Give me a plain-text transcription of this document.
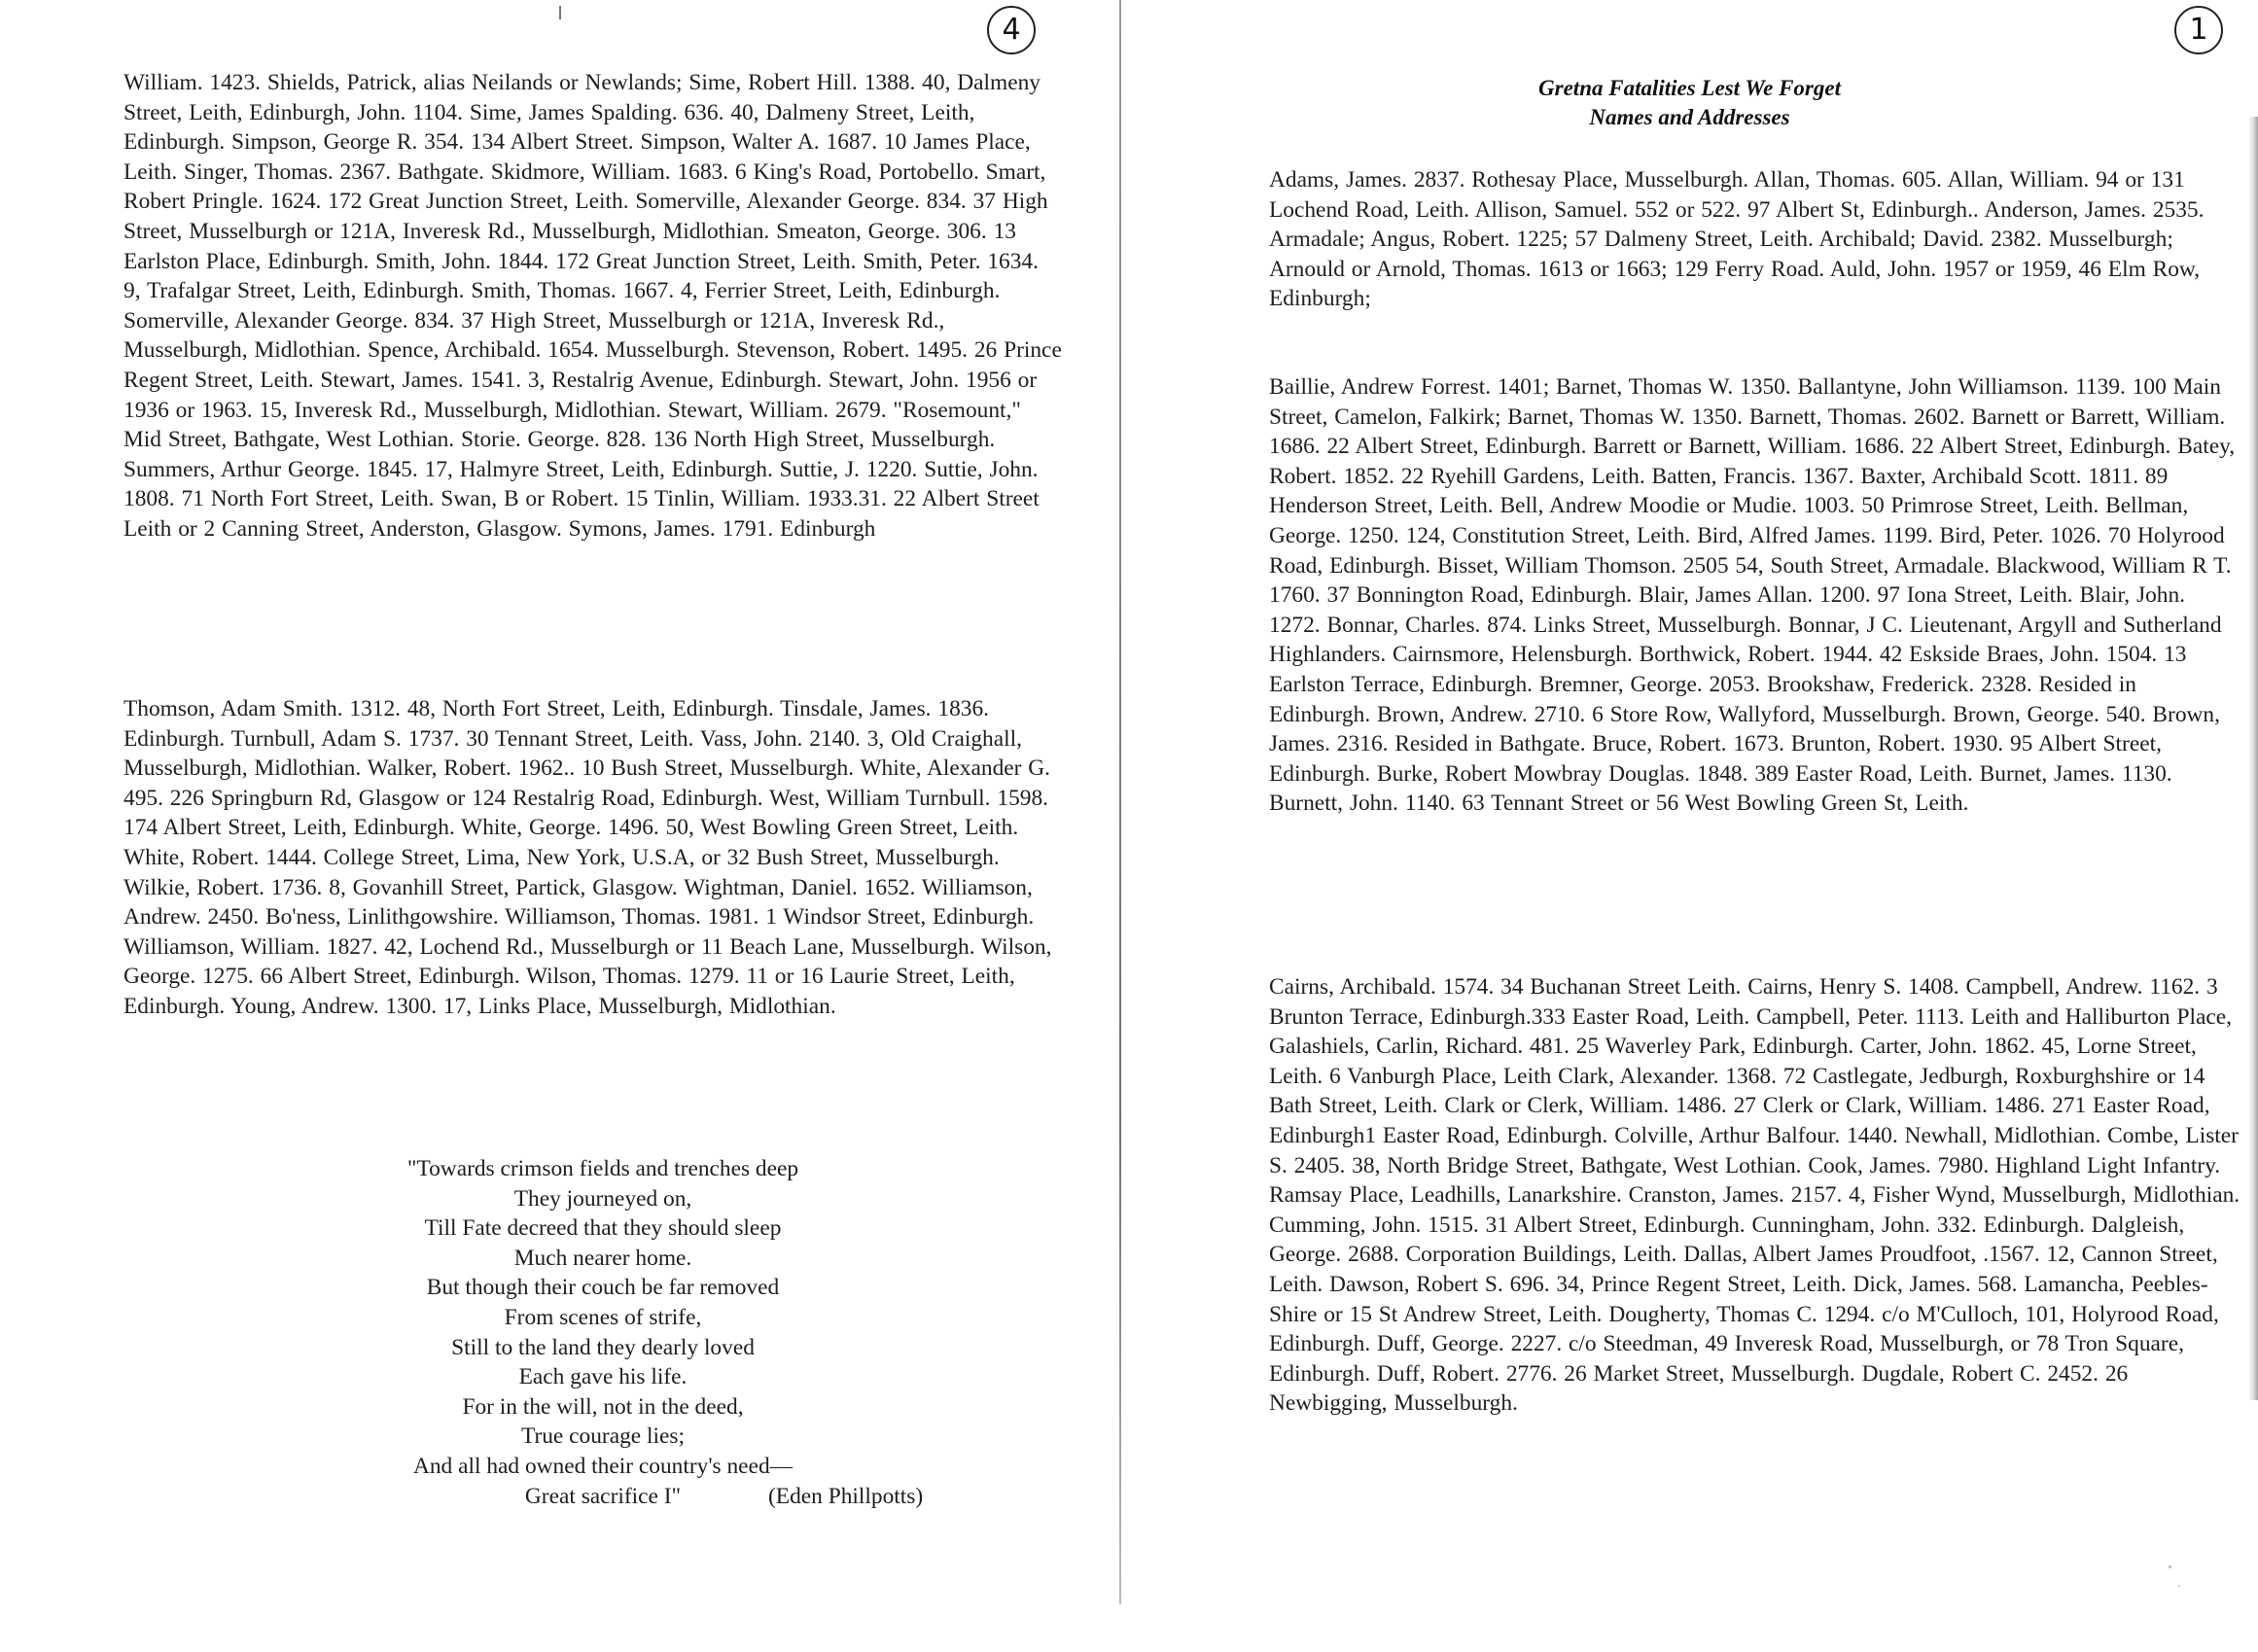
4

William. 1423. Shields, Patrick, alias Neilands or Newlands; Sime, Robert Hill. 1388. 40, Dalmeny Street, Leith, Edinburgh, John. 1104. Sime, James Spalding. 636. 40, Dalmeny Street, Leith, Edinburgh. Simpson, George R. 354. 134 Albert Street. Simpson, Walter A. 1687. 10 James Place, Leith. Singer, Thomas. 2367. Bathgate. Skidmore, William. 1683. 6 King's Road, Portobello. Smart, Robert Pringle. 1624. 172 Great Junction Street, Leith. Somerville, Alexander George. 834. 37 High Street, Musselburgh or 121A, Inveresk Rd., Musselburgh, Midlothian. Smeaton, George. 306. 13 Earlston Place, Edinburgh. Smith, John. 1844. 172 Great Junction Street, Leith. Smith, Peter. 1634. 9, Trafalgar Street, Leith, Edinburgh. Smith, Thomas. 1667. 4, Ferrier Street, Leith, Edinburgh. Somerville, Alexander George. 834. 37 High Street, Musselburgh or 121A, Inveresk Rd., Musselburgh, Midlothian. Spence, Archibald. 1654. Musselburgh. Stevenson, Robert. 1495. 26 Prince Regent Street, Leith. Stewart, James. 1541. 3, Restalrig Avenue, Edinburgh. Stewart, John. 1956 or 1936 or 1963. 15, Inveresk Rd., Musselburgh, Midlothian. Stewart, William. 2679. "Rosemount," Mid Street, Bathgate, West Lothian. Storie. George. 828. 136 North High Street, Musselburgh. Summers, Arthur George. 1845. 17, Halmyre Street, Leith, Edinburgh. Suttie, J. 1220. Suttie, John. 1808. 71 North Fort Street, Leith. Swan, B or Robert. 15 Tinlin, William. 1933.31. 22 Albert Street Leith or 2 Canning Street, Anderston, Glasgow. Symons, James. 1791. Edinburgh

Thomson, Adam Smith. 1312. 48, North Fort Street, Leith, Edinburgh. Tinsdale, James. 1836. Edinburgh. Turnbull, Adam S. 1737. 30 Tennant Street, Leith. Vass, John. 2140. 3, Old Craighall, Musselburgh, Midlothian. Walker, Robert. 1962.. 10 Bush Street, Musselburgh. White, Alexander G. 495. 226 Springburn Rd, Glasgow or 124 Restalrig Road, Edinburgh. West, William Turnbull. 1598. 174 Albert Street, Leith, Edinburgh. White, George. 1496. 50, West Bowling Green Street, Leith. White, Robert. 1444. College Street, Lima, New York, U.S.A, or 32 Bush Street, Musselburgh. Wilkie, Robert. 1736. 8, Govanhill Street, Partick, Glasgow. Wightman, Daniel. 1652. Williamson, Andrew. 2450. Bo'ness, Linlithgowshire. Williamson, Thomas. 1981. 1 Windsor Street, Edinburgh. Williamson, William. 1827. 42, Lochend Rd., Musselburgh or 11 Beach Lane, Musselburgh. Wilson, George. 1275. 66 Albert Street, Edinburgh. Wilson, Thomas. 1279. 11 or 16 Laurie Street, Leith, Edinburgh. Young, Andrew. 1300. 17, Links Place, Musselburgh, Midlothian.

"Towards crimson fields and trenches deep
They journeyed on,
Till Fate decreed that they should sleep
Much nearer home.
But though their couch be far removed
From scenes of strife,
Still to the land they dearly loved
Each gave his life.
For in the will, not in the deed,
True courage lies;
And all had owned their country's need—
Great sacrifice I"	(Eden Phillpotts)
1

Adams, James. 2837. Rothesay Place, Musselburgh. Allan, Thomas. 605. Allan, William. 94 or 131 Lochend Road, Leith. Allison, Samuel. 552 or 522. 97 Albert St, Edinburgh.. Anderson, James. 2535. Armadale; Angus, Robert. 1225; 57 Dalmeny Street, Leith. Archibald; David. 2382. Musselburgh; Arnould or Arnold, Thomas. 1613 or 1663; 129 Ferry Road. Auld, John. 1957 or 1959, 46 Elm Row, Edinburgh;

Baillie, Andrew Forrest. 1401; Barnet, Thomas W. 1350. Ballantyne, John Williamson. 1139. 100 Main Street, Camelon, Falkirk; Barnet, Thomas W. 1350. Barnett, Thomas. 2602. Barnett or Barrett, William. 1686. 22 Albert Street, Edinburgh. Barrett or Barnett, William. 1686. 22 Albert Street, Edinburgh. Batey, Robert. 1852. 22 Ryehill Gardens, Leith. Batten, Francis. 1367. Baxter, Archibald Scott. 1811. 89 Henderson Street, Leith. Bell, Andrew Moodie or Mudie. 1003. 50 Primrose Street, Leith. Bellman, George. 1250. 124, Constitution Street, Leith. Bird, Alfred James. 1199. Bird, Peter. 1026. 70 Holyrood Road, Edinburgh. Bisset, William Thomson. 2505 54, South Street, Armadale. Blackwood, William R T. 1760. 37 Bonnington Road, Edinburgh. Blair, James Allan. 1200. 97 Iona Street, Leith. Blair, John. 1272. Bonnar, Charles. 874. Links Street, Musselburgh. Bonnar, J C. Lieutenant, Argyll and Sutherland Highlanders. Cairnsmore, Helensburgh. Borthwick, Robert. 1944. 42 Eskside Braes, John. 1504. 13 Earlston Terrace, Edinburgh. Bremner, George. 2053. Brookshaw, Frederick. 2328. Resided in Edinburgh. Brown, Andrew. 2710. 6 Store Row, Wallyford, Musselburgh. Brown, George. 540. Brown, James. 2316. Resided in Bathgate. Bruce, Robert. 1673. Brunton, Robert. 1930. 95 Albert Street, Edinburgh. Burke, Robert Mowbray Douglas. 1848. 389 Easter Road, Leith. Burnet, James. 1130. Burnett, John. 1140. 63 Tennant Street or 56 West Bowling Green St, Leith.

Cairns, Archibald. 1574. 34 Buchanan Street Leith. Cairns, Henry S. 1408. Campbell, Andrew. 1162. 3 Brunton Terrace, Edinburgh.333 Easter Road, Leith. Campbell, Peter. 1113. Leith and Halliburton Place, Galashiels, Carlin, Richard. 481. 25 Waverley Park, Edinburgh. Carter, John. 1862. 45, Lorne Street, Leith. 6 Vanburgh Place, Leith Clark, Alexander. 1368. 72 Castlegate, Jedburgh, Roxburghshire or 14 Bath Street, Leith. Clark or Clerk, William. 1486. 27 Clerk or Clark, William. 1486. 271 Easter Road, Edinburgh1 Easter Road, Edinburgh. Colville, Arthur Balfour. 1440. Newhall, Midlothian. Combe, Lister S. 2405. 38, North Bridge Street, Bathgate, West Lothian. Cook, James. 7980. Highland Light Infantry. Ramsay Place, Leadhills, Lanarkshire. Cranston, James. 2157. 4, Fisher Wynd, Musselburgh, Midlothian. Cumming, John. 1515. 31 Albert Street, Edinburgh. Cunningham, John. 332. Edinburgh. Dalgleish, George. 2688. Corporation Buildings, Leith. Dallas, Albert James Proudfoot, .1567. 12, Cannon Street, Leith. Dawson, Robert S. 696. 34, Prince Regent Street, Leith. Dick, James. 568. Lamancha, Peebles-Shire or 15 St Andrew Street, Leith. Dougherty, Thomas C. 1294. c/o M'Culloch, 101, Holyrood Road, Edinburgh. Duff, George. 2227. c/o Steedman, 49 Inveresk Road, Musselburgh, or 78 Tron Square, Edinburgh. Duff, Robert. 2776. 26 Market Street, Musselburgh. Dugdale, Robert C. 2452. 26 Newbigging, Musselburgh.

Gretna Fatalities Lest We Forget
Names and Addresses
